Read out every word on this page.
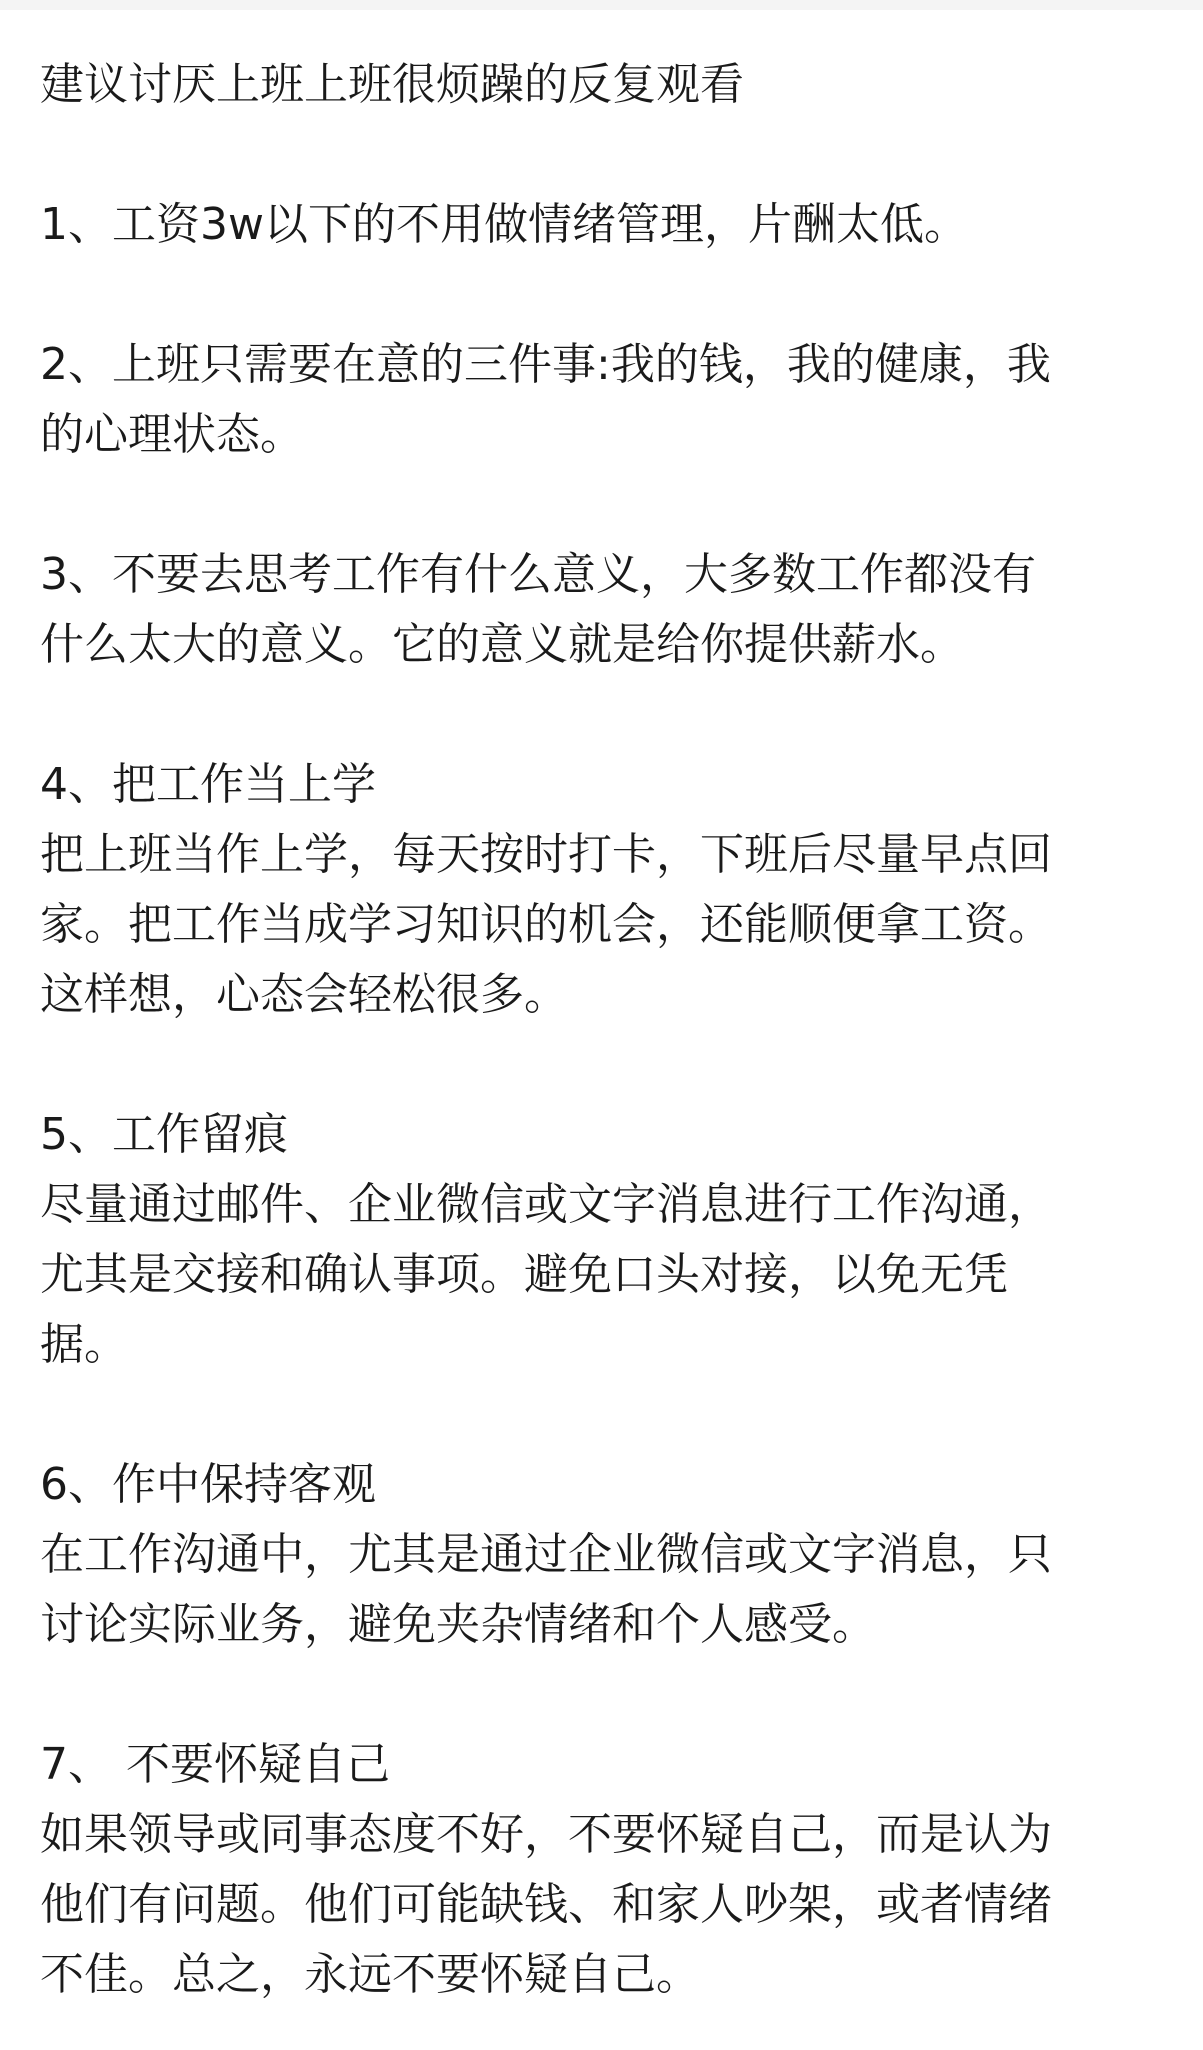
建议讨厌上班上班很烦躁的反复观看

1、工资3w以下的不用做情绪管理，片酬太低。

2、上班只需要在意的三件事:我的钱，我的健康，我

的心理状态。

3、不要去思考工作有什么意义，大多数工作都没有

什么太大的意义。它的意义就是给你提供薪水。

4、把工作当上学

把上班当作上学，每天按时打卡，下班后尽量早点回

家。把工作当成学习知识的机会，还能顺便拿工资。

这样想，心态会轻松很多。

5、工作留痕

尽量通过邮件、企业微信或文字消息进行工作沟通，

尤其是交接和确认事项。避免口头对接，以免无凭

据。

6、作中保持客观

在工作沟通中，尤其是通过企业微信或文字消息，只

讨论实际业务，避免夹杂情绪和个人感受。

7、 不要怀疑自己

如果领导或同事态度不好，不要怀疑自己，而是认为

他们有问题。他们可能缺钱、和家人吵架，或者情绪

不佳。总之，永远不要怀疑自己。
